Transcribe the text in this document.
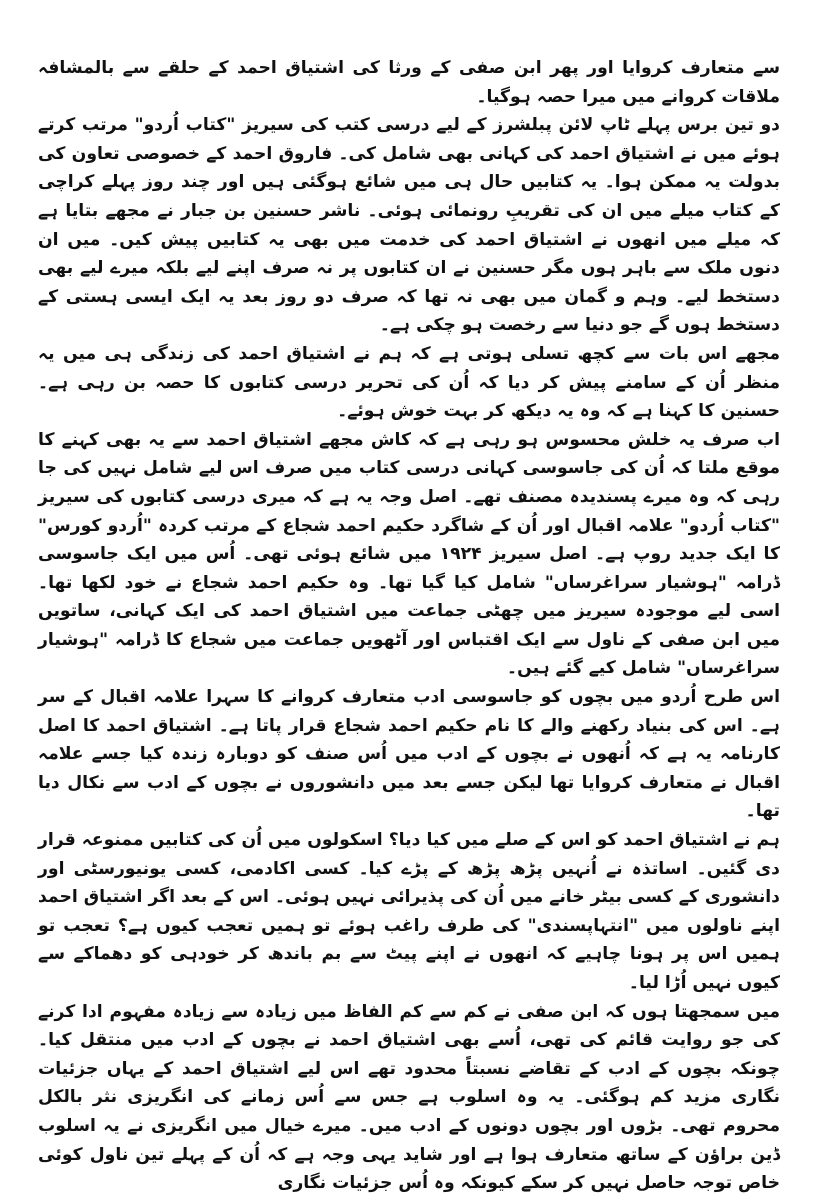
سے متعارف کروایا اور پھر ابن صفی کے ورثا کی اشتیاق احمد کے حلقے سے بالمشافہ ملاقات کروانے میں میرا حصہ ہوگیا۔

دو تین برس پہلے ٹاپ لائن پبلشرز کے لیے درسی کتب کی سیریز "کتاب اُردو" مرتب کرتے ہوئے میں نے اشتیاق احمد کی کہانی بھی شامل کی۔ فاروق احمد کے خصوصی تعاون کی بدولت یہ ممکن ہوا۔ یہ کتابیں حال ہی میں شائع ہوگئی ہیں اور چند روز پہلے کراچی کے کتاب میلے میں ان کی تقریبِ رونمائی ہوئی۔ ناشر حسنین بن جبار نے مجھے بتایا ہے کہ میلے میں انھوں نے اشتیاق احمد کی خدمت میں بھی یہ کتابیں پیش کیں۔ میں ان دنوں ملک سے باہر ہوں مگر حسنین نے ان کتابوں پر نہ صرف اپنے لیے بلکہ میرے لیے بھی دستخط لیے۔ وہم و گمان میں بھی نہ تھا کہ صرف دو روز بعد یہ ایک ایسی ہستی کے دستخط ہوں گے جو دنیا سے رخصت ہو چکی ہے۔

مجھے اس بات سے کچھ تسلی ہوتی ہے کہ ہم نے اشتیاق احمد کی زندگی ہی میں یہ منظر اُن کے سامنے پیش کر دیا کہ اُن کی تحریر درسی کتابوں کا حصہ بن رہی ہے۔ حسنین کا کہنا ہے کہ وہ یہ دیکھ کر بہت خوش ہوئے۔

اب صرف یہ خلش محسوس ہو رہی ہے کہ کاش مجھے اشتیاق احمد سے یہ بھی کہنے کا موقع ملتا کہ اُن کی جاسوسی کہانی درسی کتاب میں صرف اس لیے شامل نہیں کی جا رہی کہ وہ میرے پسندیدہ مصنف تھے۔ اصل وجہ یہ ہے کہ میری درسی کتابوں کی سیریز "کتاب اُردو" علامہ اقبال اور اُن کے شاگرد حکیم احمد شجاع کے مرتب کردہ "اُردو کورس" کا ایک جدید روپ ہے۔ اصل سیریز ۱۹۲۴ میں شائع ہوئی تھی۔ اُس میں ایک جاسوسی ڈرامہ "ہوشیار سراغرساں" شامل کیا گیا تھا۔ وہ حکیم احمد شجاع نے خود لکھا تھا۔ اسی لیے موجودہ سیریز میں چھٹی جماعت میں اشتیاق احمد کی ایک کہانی، ساتویں میں ابن صفی کے ناول سے ایک اقتباس اور آٹھویں جماعت میں شجاع کا ڈرامہ "ہوشیار سراغرساں" شامل کیے گئے ہیں۔

اس طرح اُردو میں بچوں کو جاسوسی ادب متعارف کروانے کا سہرا علامہ اقبال کے سر ہے۔ اس کی بنیاد رکھنے والے کا نام حکیم احمد شجاع قرار پاتا ہے۔ اشتیاق احمد کا اصل کارنامہ یہ ہے کہ اُنھوں نے بچوں کے ادب میں اُس صنف کو دوبارہ زندہ کیا جسے علامہ اقبال نے متعارف کروایا تھا لیکن جسے بعد میں دانشوروں نے بچوں کے ادب سے نکال دیا تھا۔

ہم نے اشتیاق احمد کو اس کے صلے میں کیا دیا؟ اسکولوں میں اُن کی کتابیں ممنوعہ قرار دی گئیں۔ اساتذہ نے اُنہیں پڑھ پڑھ کے پڑے کیا۔ کسی اکادمی، کسی یونیورسٹی اور دانشوری کے کسی بیٹر خانے میں اُن کی پذیرائی نہیں ہوئی۔ اس کے بعد اگر اشتیاق احمد اپنے ناولوں میں "انتہاپسندی" کی طرف راغب ہوئے تو ہمیں تعجب کیوں ہے؟ تعجب تو ہمیں اس پر ہونا چاہیے کہ انھوں نے اپنے پیٹ سے بم باندھ کر خودہی کو دھماکے سے کیوں نہیں اُڑا لیا۔

میں سمجھتا ہوں کہ ابن صفی نے کم سے کم الفاظ میں زیادہ سے زیادہ مفہوم ادا کرنے کی جو روایت قائم کی تھی، اُسے بھی اشتیاق احمد نے بچوں کے ادب میں منتقل کیا۔ چونکہ بچوں کے ادب کے تقاضے نسبتاً محدود تھے اس لیے اشتیاق احمد کے یہاں جزئیات نگاری مزید کم ہوگئی۔ یہ وہ اسلوب ہے جس سے اُس زمانے کی انگریزی نثر بالکل محروم تھی۔ بڑوں اور بچوں دونوں کے ادب میں۔ میرے خیال میں انگریزی نے یہ اسلوب ڈین براؤن کے ساتھ متعارف ہوا ہے اور شاید یہی وجہ ہے کہ اُن کے پہلے تین ناول کوئی خاص توجہ حاصل نہیں کر سکے کیونکہ وہ اُس جزئیات نگاری
